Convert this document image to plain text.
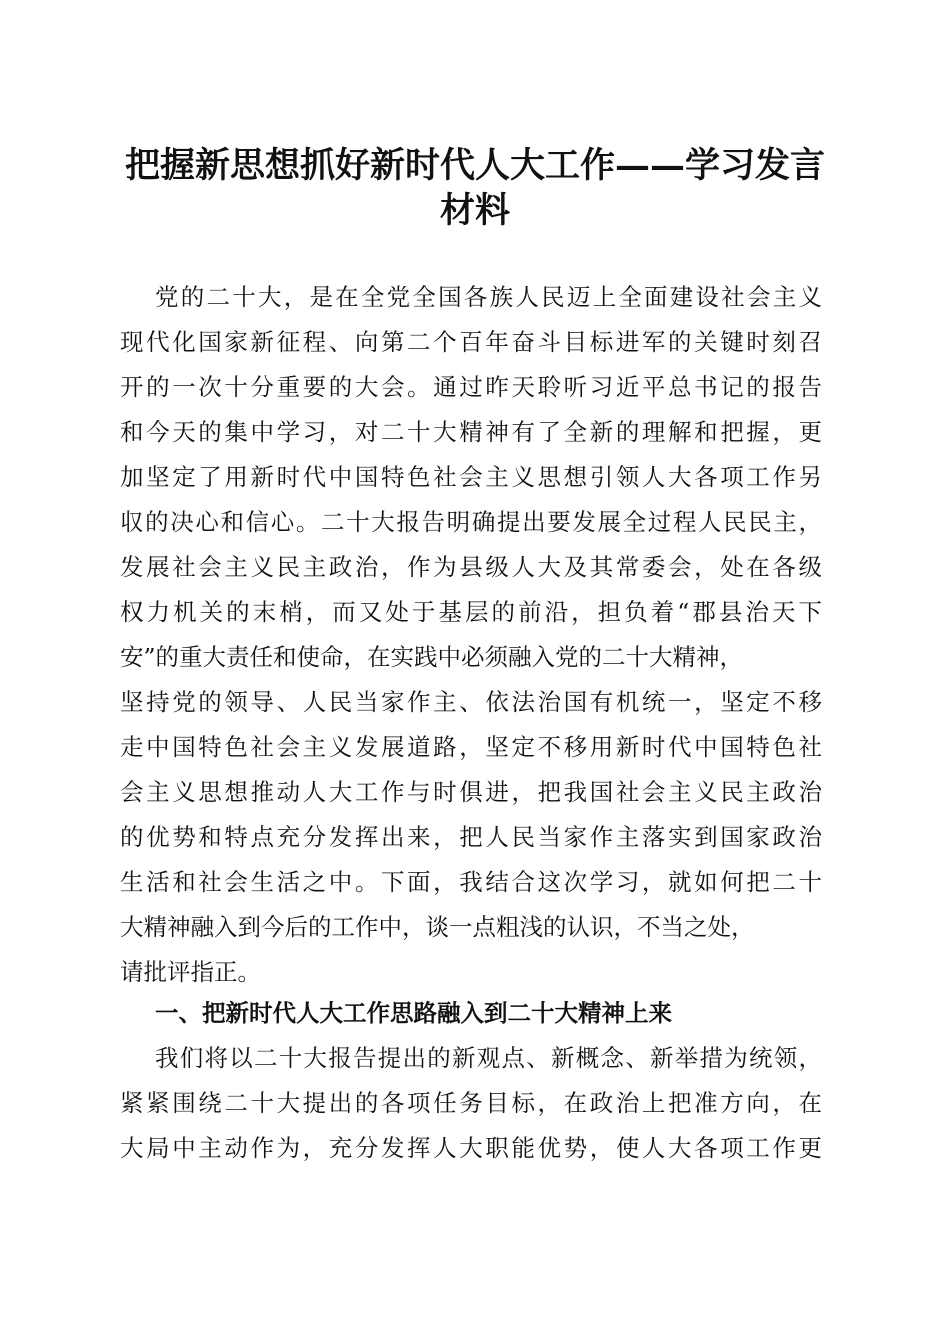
把握新思想抓好新时代人大工作——学习发言
材料
党的二十大，是在全党全国各族人民迈上全面建设社会主义
现代化国家新征程、向第二个百年奋斗目标进军的关键时刻召
开的一次十分重要的大会。通过昨天聆听习近平总书记的报告
和今天的集中学习，对二十大精神有了全新的理解和把握，更
加坚定了用新时代中国特色社会主义思想引领人大各项工作另
収的决心和信心。二十大报告明确提出要发展全过程人民民主，
发展社会主义民主政治，作为县级人大及其常委会，处在各级
权力机关的末梢，而又处于基层的前沿，担负着“郡县治天下
安”的重大责任和使命，在实践中必须融入党的二十大精神，
坚持党的领导、人民当家作主、依法治国有机统一，坚定不移
走中国特色社会主义发展道路，坚定不移用新时代中国特色社
会主义思想推动人大工作与时俱进，把我国社会主义民主政治
的优势和特点充分发挥出来，把人民当家作主落实到国家政治
生活和社会生活之中。下面，我结合这次学习，就如何把二十
大精神融入到今后的工作中，谈一点粗浅的认识，不当之处，
请批评指正。
一、把新时代人大工作思路融入到二十大精神上来
我们将以二十大报告提出的新观点、新概念、新举措为统领，
紧紧围绕二十大提出的各项任务目标，在政治上把准方向，在
大局中主动作为，充分发挥人大职能优势，使人大各项工作更
